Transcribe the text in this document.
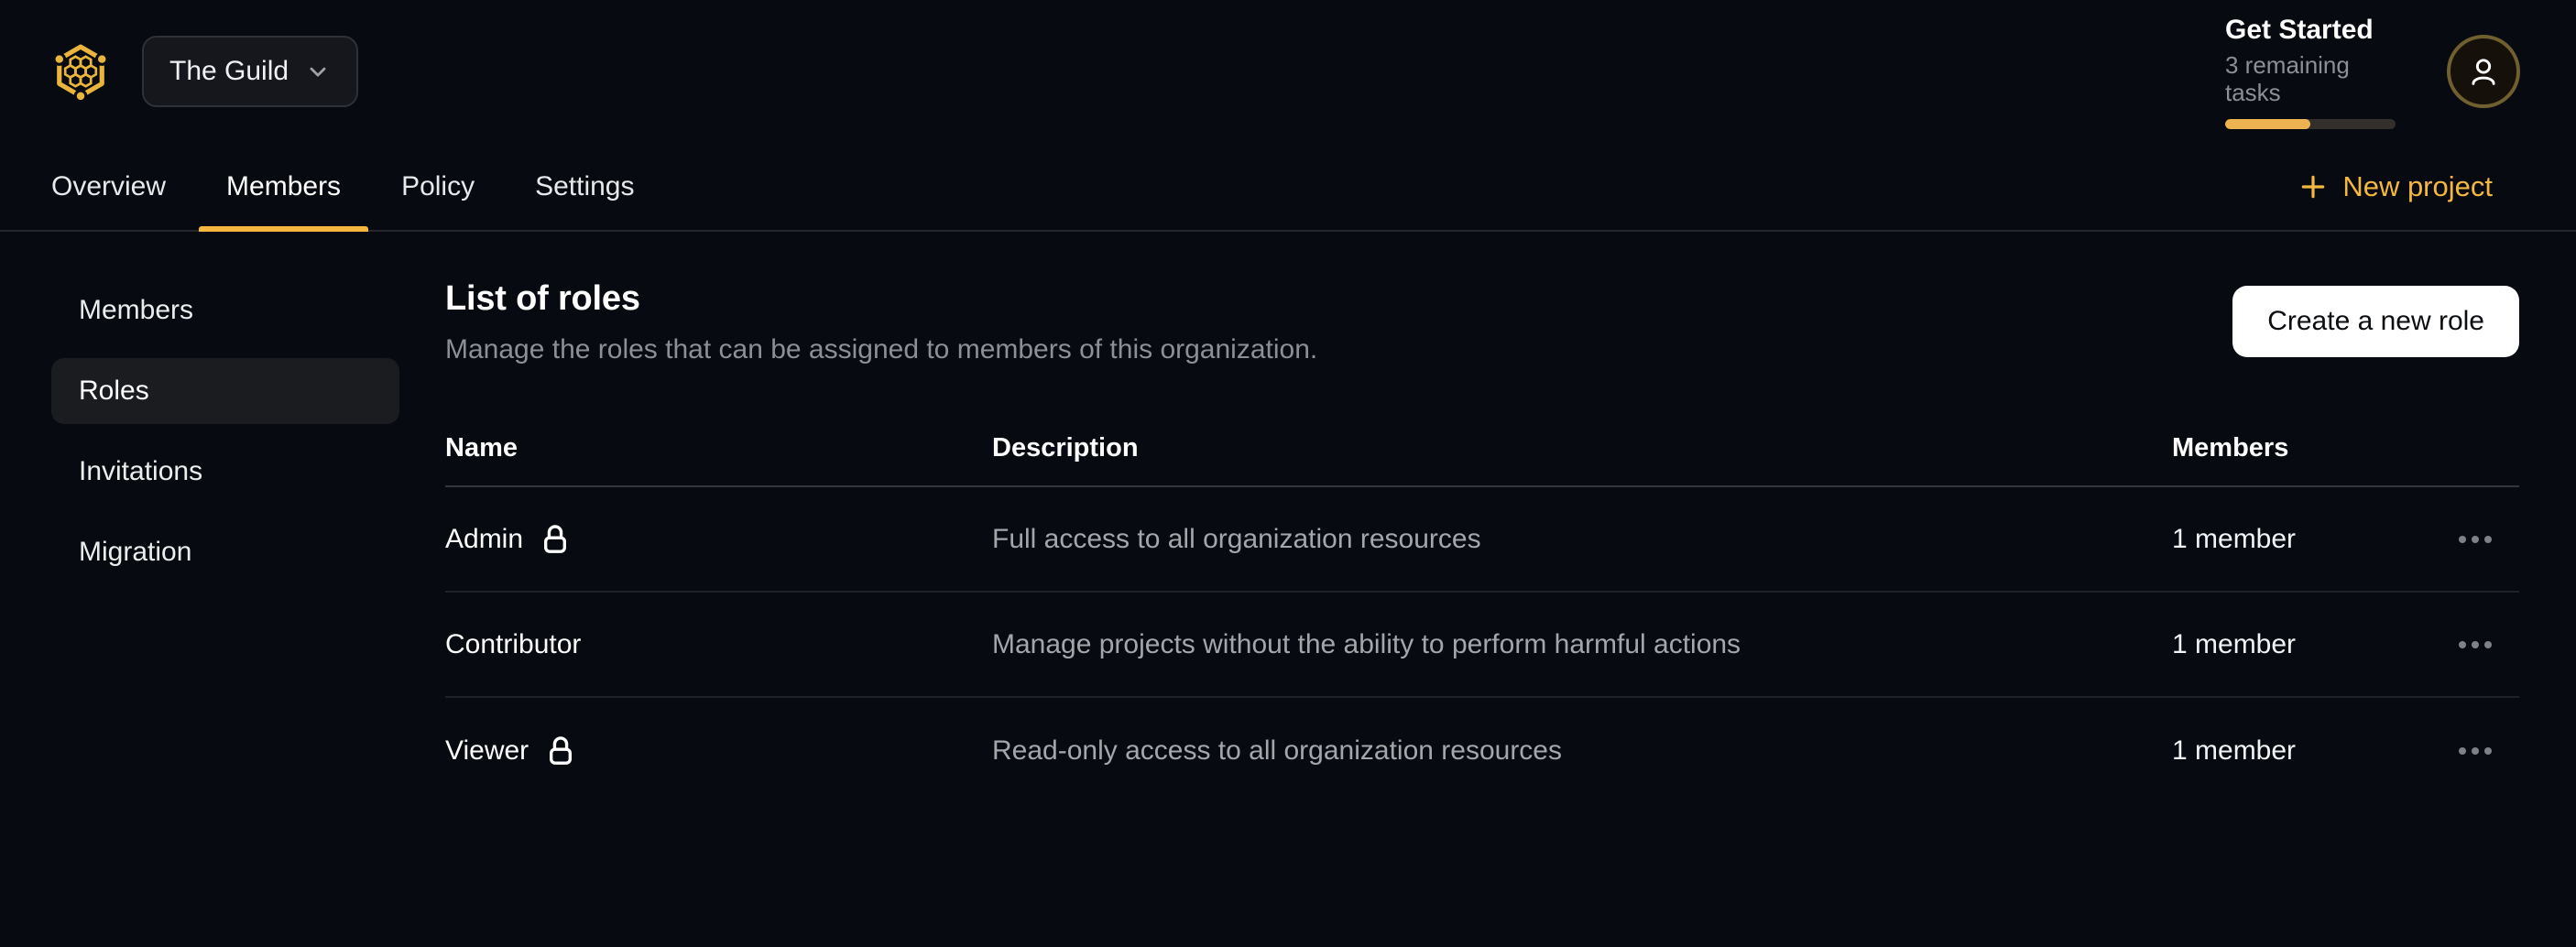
The Guild
Get Started
3 remaining tasks
Overview Members Policy Settings	New project
Members
Roles
Invitations
Migration
List of roles

Manage the roles that can be assigned to members of this organization.

Create a new role
Name	Description	Members
Admin	Full access to all organization resources	1 member
Contributor	Manage projects without the ability to perform harmful actions	1 member
Viewer	Read-only access to all organization resources	1 member
